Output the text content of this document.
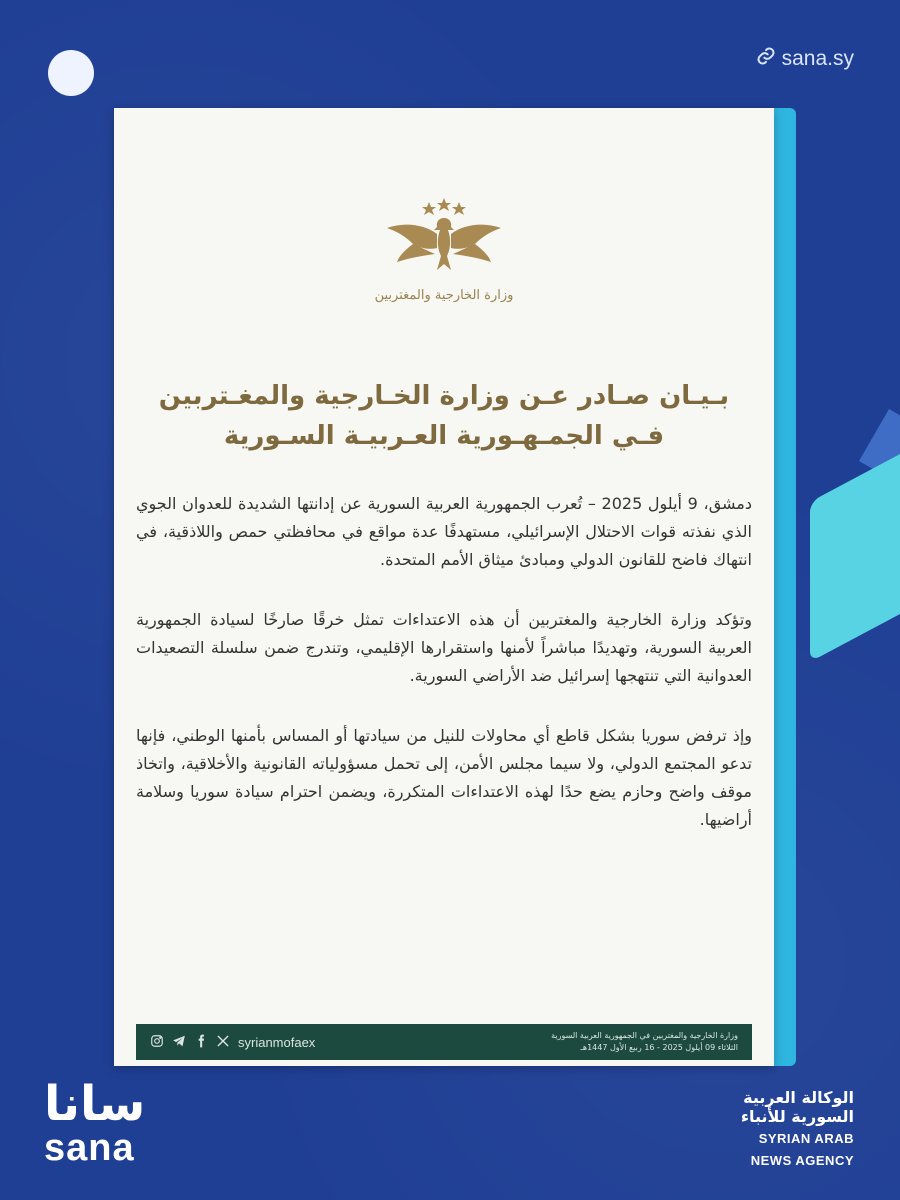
sana.sy
وزارة الخارجية والمغتربين
بـيـان صـادر عـن وزارة الخـارجية والمغـتربين
فـي الجمـهـورية العـربيـة السـورية

دمشق، 9 أيلول 2025 – تُعرب الجمهورية العربية السورية عن إدانتها الشديدة للعدوان الجوي الذي نفذته قوات الاحتلال الإسرائيلي، مستهدفًا عدة مواقع في محافظتي حمص واللاذقية، في انتهاك فاضح للقانون الدولي ومبادئ ميثاق الأمم المتحدة.

وتؤكد وزارة الخارجية والمغتربين أن هذه الاعتداءات تمثل خرقًا صارخًا لسيادة الجمهورية العربية السورية، وتهديدًا مباشراً لأمنها واستقرارها الإقليمي، وتندرج ضمن سلسلة التصعيدات العدوانية التي تنتهجها إسرائيل ضد الأراضي السورية.

وإذ ترفض سوريا بشكل قاطع أي محاولات للنيل من سيادتها أو المساس بأمنها الوطني، فإنها تدعو المجتمع الدولي، ولا سيما مجلس الأمن، إلى تحمل مسؤولياته القانونية والأخلاقية، واتخاذ موقف واضح وحازم يضع حدًا لهذه الاعتداءات المتكررة، ويضمن احترام سيادة سوريا وسلامة أراضيها.

syrianmofaex	وزارة الخارجية والمغتربين في الجمهورية العربية السورية
الثلاثاء 09 أيلول 2025 - 16 ربيع الأول 1447هـ
سانا
sana
الوكالة العربية
السورية للأنباء
SYRIAN ARAB
NEWS AGENCY
